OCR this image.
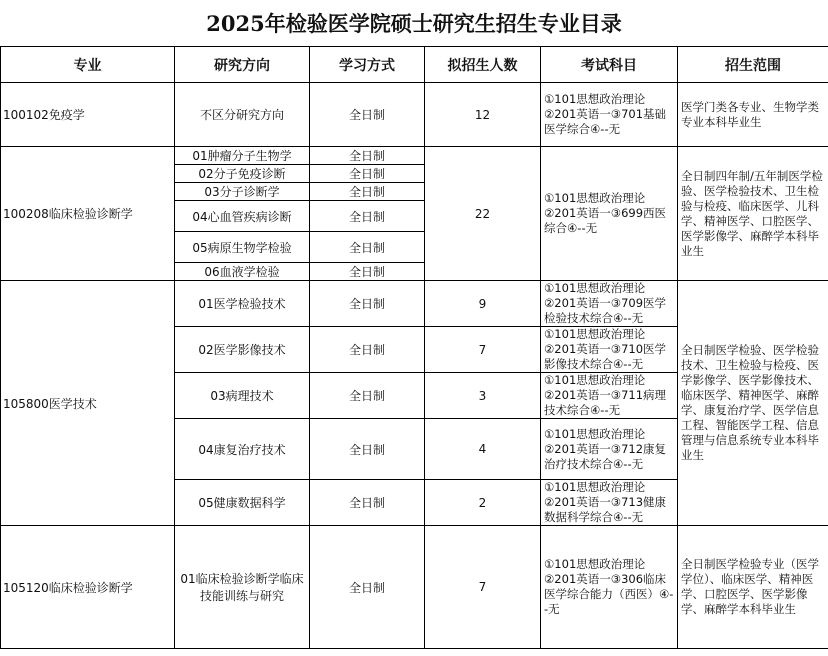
2025年检验医学院硕士研究生招生专业目录
专业	研究方向	学习方式	拟招生人数	考试科目	招生范围
100102免疫学	不区分研究方向	全日制	12	①101思想政治理论②201英语一③701基础医学综合④--无	医学门类各专业、生物学类专业本科毕业生
100208临床检验诊断学	01肿瘤分子生物学	全日制	22	①101思想政治理论②201英语一③699西医综合④--无	全日制四年制/五年制医学检验、医学检验技术、卫生检验与检疫、临床医学、儿科学、精神医学、口腔医学、医学影像学、麻醉学本科毕业生
	02分子免疫诊断	全日制			
	03分子诊断学	全日制			
	04心血管疾病诊断	全日制			
	05病原生物学检验	全日制			
	06血液学检验	全日制			
105800医学技术	01医学检验技术	全日制	9	①101思想政治理论②201英语一③709医学检验技术综合④--无	全日制医学检验、医学检验技术、卫生检验与检疫、医学影像学、医学影像技术、临床医学、精神医学、麻醉学、康复治疗学、医学信息工程、智能医学工程、信息管理与信息系统专业本科毕业生
	02医学影像技术	全日制	7	①101思想政治理论②201英语一③710医学影像技术综合④--无	
	03病理技术	全日制	3	①101思想政治理论②201英语一③711病理技术综合④--无	
	04康复治疗技术	全日制	4	①101思想政治理论②201英语一③712康复治疗技术综合④--无	
	05健康数据科学	全日制	2	①101思想政治理论②201英语一③713健康数据科学综合④--无	
105120临床检验诊断学	01临床检验诊断学临床技能训练与研究	全日制	7	①101思想政治理论②201英语一③306临床医学综合能力（西医）④--无	全日制医学检验专业（医学学位）、临床医学、精神医学、口腔医学、医学影像学、麻醉学本科毕业生
